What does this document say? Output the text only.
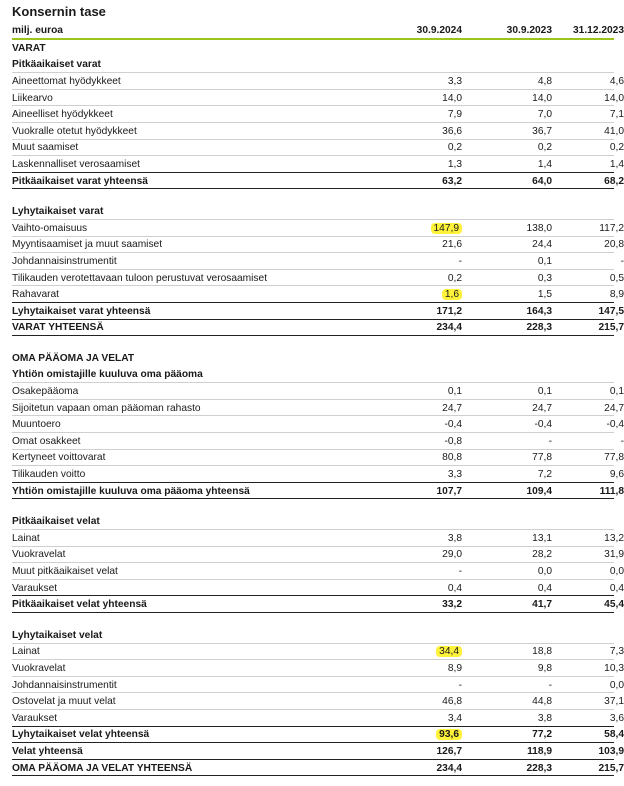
Konsernin tase
milj. euroa	30.9.2024	30.9.2023	31.12.2023
VARAT
Pitkäaikaiset varat
Aineettomat hyödykkeet	3,3	4,8	4,6
Liikearvo	14,0	14,0	14,0
Aineelliset hyödykkeet	7,9	7,0	7,1
Vuokralle otetut hyödykkeet	36,6	36,7	41,0
Muut saamiset	0,2	0,2	0,2
Laskennalliset verosaamiset	1,3	1,4	1,4
Pitkäaikaiset varat yhteensä	63,2	64,0	68,2
Lyhytaikaiset varat
Vaihto-omaisuus	147,9	138,0	117,2
Myyntisaamiset ja muut saamiset	21,6	24,4	20,8
Johdannaisinstrumentit	-	0,1	-
Tilikauden verotettavaan tuloon perustuvat verosaamiset	0,2	0,3	0,5
Rahavarat	1,6	1,5	8,9
Lyhytaikaiset varat yhteensä	171,2	164,3	147,5
VARAT YHTEENSÄ	234,4	228,3	215,7
OMA PÄÄOMA JA VELAT
Yhtiön omistajille kuuluva oma pääoma
Osakepääoma	0,1	0,1	0,1
Sijoitetun vapaan oman pääoman rahasto	24,7	24,7	24,7
Muuntoero	-0,4	-0,4	-0,4
Omat osakkeet	-0,8	-	-
Kertyneet voittovarat	80,8	77,8	77,8
Tilikauden voitto	3,3	7,2	9,6
Yhtiön omistajille kuuluva oma pääoma yhteensä	107,7	109,4	111,8
Pitkäaikaiset velat
Lainat	3,8	13,1	13,2
Vuokravelat	29,0	28,2	31,9
Muut pitkäaikaiset velat	-	0,0	0,0
Varaukset	0,4	0,4	0,4
Pitkäaikaiset velat yhteensä	33,2	41,7	45,4
Lyhytaikaiset velat
Lainat	34,4	18,8	7,3
Vuokravelat	8,9	9,8	10,3
Johdannaisinstrumentit	-	-	0,0
Ostovelat ja muut velat	46,8	44,8	37,1
Varaukset	3,4	3,8	3,6
Lyhytaikaiset velat yhteensä	93,6	77,2	58,4
Velat yhteensä	126,7	118,9	103,9
OMA PÄÄOMA JA VELAT YHTEENSÄ	234,4	228,3	215,7
